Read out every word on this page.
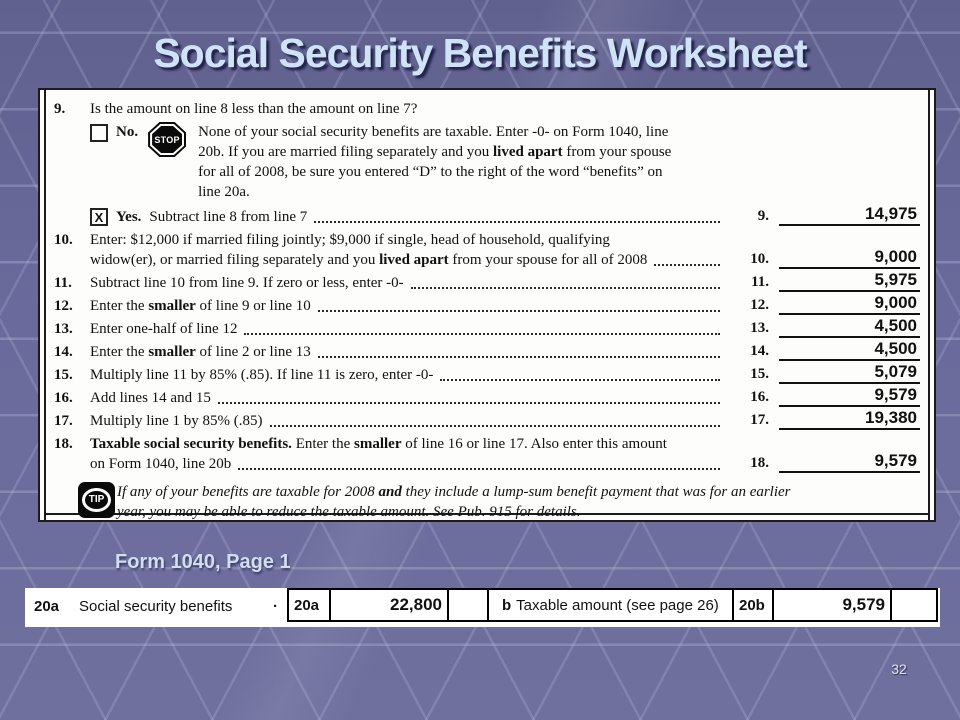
Social Security Benefits Worksheet
9.	Is the amount on line 8 less than the amount on line 7?
No.	STOP	None of your social security benefits are taxable. Enter -0- on Form 1040, line
20b. If you are married filing separately and you lived apart from your spouse
for all of 2008, be sure you entered “D” to the right of the word “benefits” on
line 20a.
X Yes. Subtract line 8 from line 7	9.	14,975
10.	Enter: $12,000 if married filing jointly; $9,000 if single, head of household, qualifying
widow(er), or married filing separately and you lived apart from your spouse for all of 2008	10.	9,000
11.	Subtract line 10 from line 9. If zero or less, enter -0-	11.	5,975
12.	Enter the smaller of line 9 or line 10	12.	9,000
13.	Enter one-half of line 12	13.	4,500
14.	Enter the smaller of line 2 or line 13	14.	4,500
15.	Multiply line 11 by 85% (.85). If line 11 is zero, enter -0-	15.	5,079
16.	Add lines 14 and 15	16.	9,579
17.	Multiply line 1 by 85% (.85)	17.	19,380
18.	Taxable social security benefits. Enter the smaller of line 16 or line 17. Also enter this amount
on Form 1040, line 20b	18.	9,579
TIP If any of your benefits are taxable for 2008 and they include a lump-sum benefit payment that was for an earlier
year, you may be able to reduce the taxable amount. See Pub. 915 for details.
Form 1040, Page 1
20a Social security benefits	.	20a	22,800	b Taxable amount (see page 26)	20b	9,579
32
